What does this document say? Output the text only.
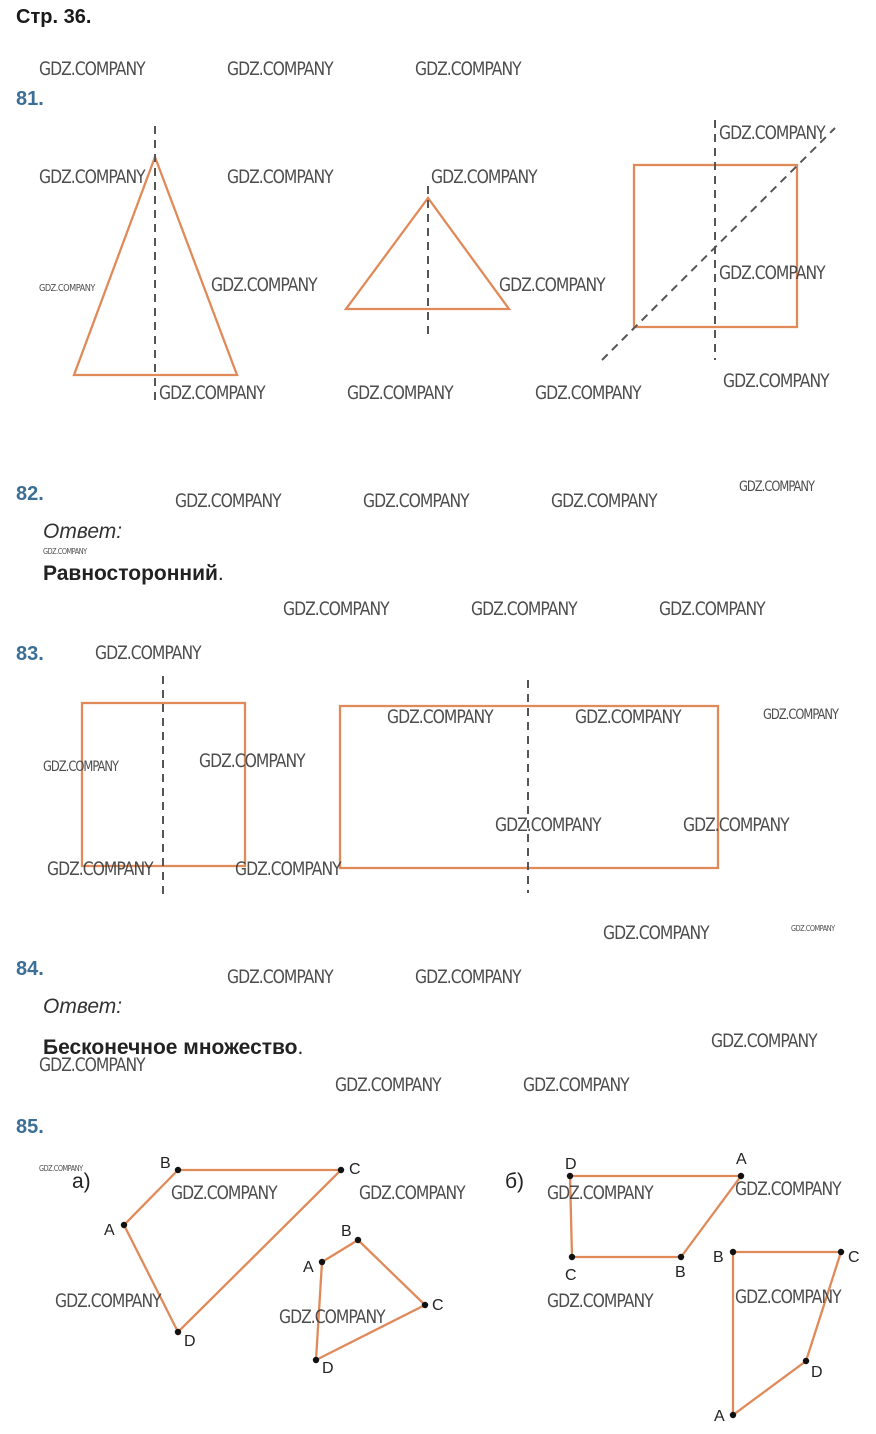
Стр. 36.
81.
82.
83.
84.
85.
Ответ:
Равносторонний.
Ответ:
Бесконечное множество.
а)
A
B	C
D
A
B
C
D
б)
A
B
C
D
A
B	C
D
GDZ.COMPANY	GDZ.COMPANY	GDZ.COMPANY
GDZ.COMPANY	GDZ.COMPANY	GDZ.COMPANY
GDZ.COMPANY
GDZ.COMPANY	GDZ.COMPANY	GDZ.COMPANY
GDZ.COMPANY
GDZ.COMPANY	GDZ.COMPANY	GDZ.COMPANY
GDZ.COMPANY
GDZ.COMPANY	GDZ.COMPANY	GDZ.COMPANY
GDZ.COMPANY
GDZ.COMPANY
GDZ.COMPANY	GDZ.COMPANY	GDZ.COMPANY
GDZ.COMPANY
GDZ.COMPANY	GDZ.COMPANY	GDZ.COMPANY
GDZ.COMPANY	GDZ.COMPANY
GDZ.COMPANY	GDZ.COMPANY
GDZ.COMPANY	GDZ.COMPANY
GDZ.COMPANY	GDZ.COMPANY
GDZ.COMPANY	GDZ.COMPANY
GDZ.COMPANY
GDZ.COMPANY
GDZ.COMPANY	GDZ.COMPANY
GDZ.COMPANY
GDZ.COMPANY	GDZ.COMPANY	GDZ.COMPANY	GDZ.COMPANY
GDZ.COMPANY	GDZ.COMPANY	GDZ.COMPANY
GDZ.COMPANY
